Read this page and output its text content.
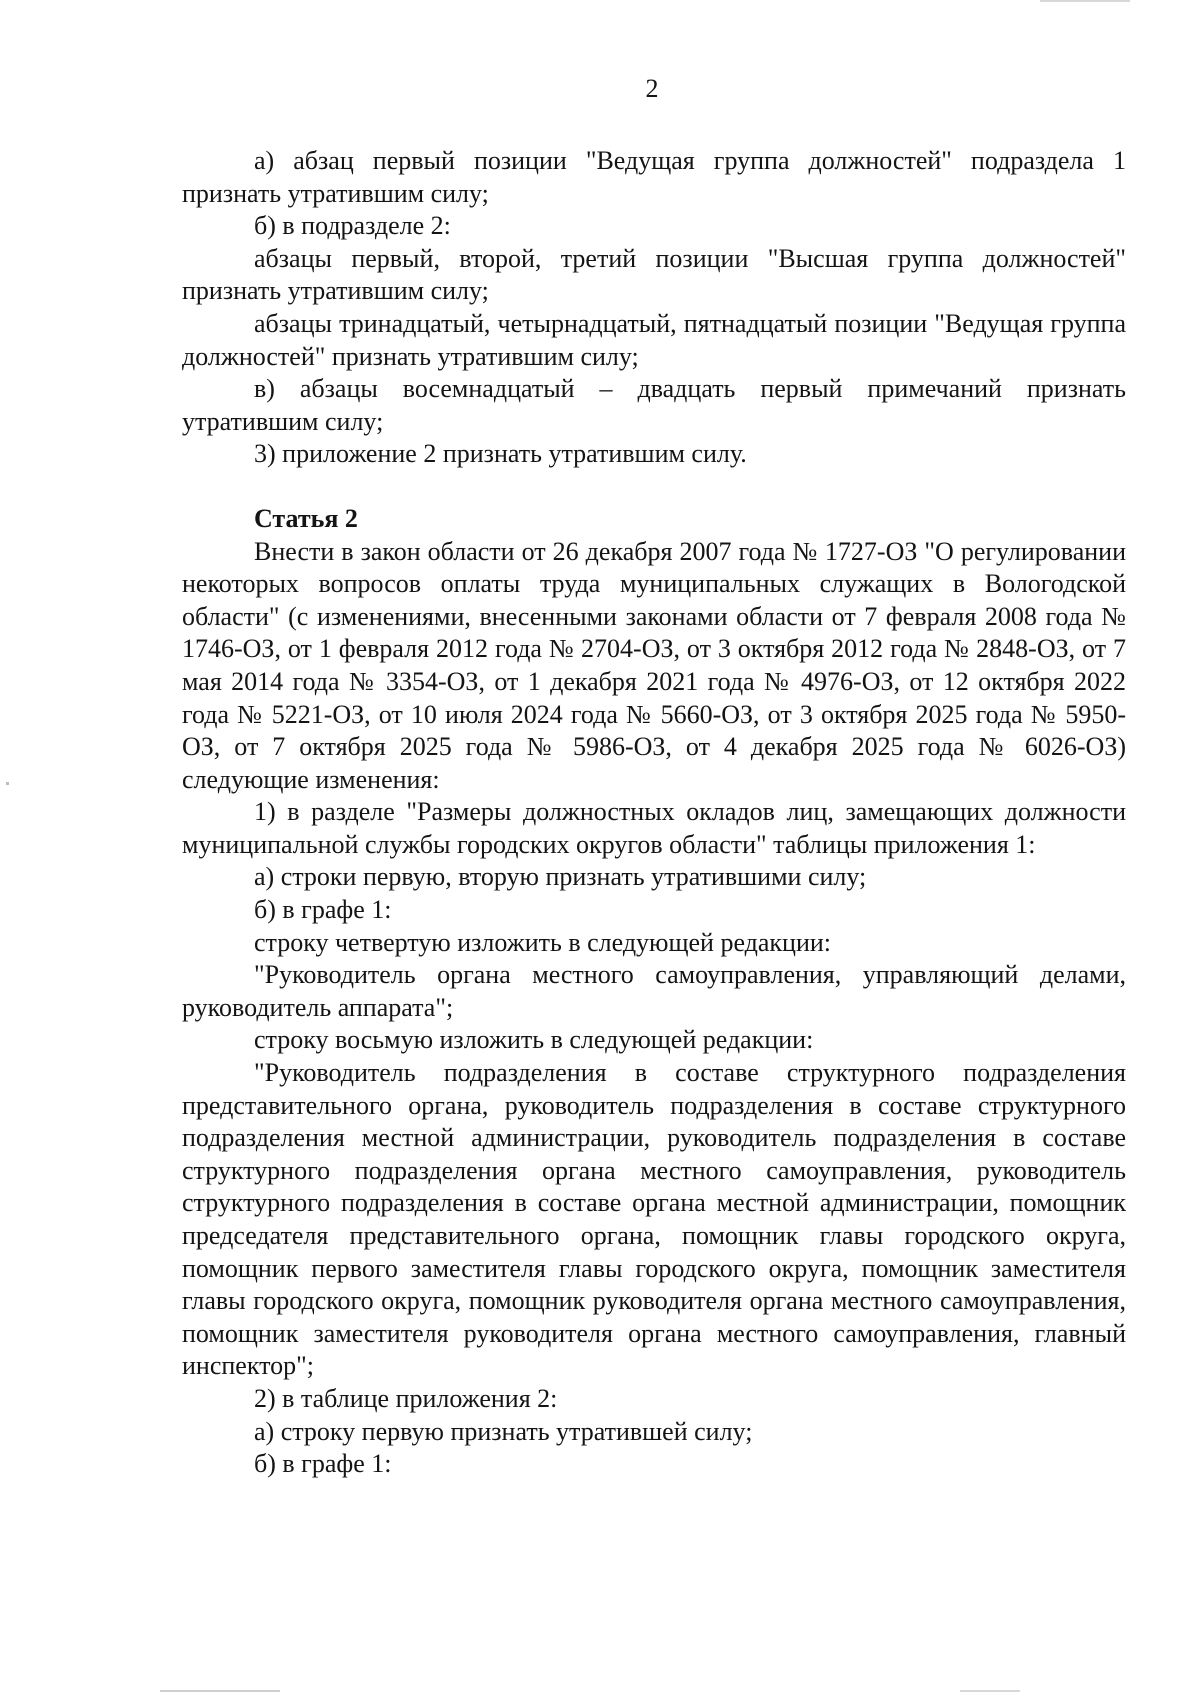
2

а) абзац первый позиции "Ведущая группа должностей" подраздела 1 признать утратившим силу;

б) в подразделе 2:

абзацы первый, второй, третий позиции "Высшая группа должностей" признать утратившим силу;

абзацы тринадцатый, четырнадцатый, пятнадцатый позиции "Ведущая группа должностей" признать утратившим силу;

в) абзацы восемнадцатый – двадцать первый примечаний признать утратившим силу;

3) приложение 2 признать утратившим силу.

Статья 2

Внести в закон области от 26 декабря 2007 года № 1727-ОЗ "О регулировании некоторых вопросов оплаты труда муниципальных служащих в Вологодской области" (с изменениями, внесенными законами области от 7 февраля 2008 года № 1746-ОЗ, от 1 февраля 2012 года № 2704-ОЗ, от 3 октября 2012 года № 2848-ОЗ, от 7 мая 2014 года № 3354-ОЗ, от 1 декабря 2021 года № 4976-ОЗ, от 12 октября 2022 года № 5221-ОЗ, от 10 июля 2024 года № 5660-ОЗ, от 3 октября 2025 года № 5950-ОЗ, от 7 октября 2025 года № 5986-ОЗ, от 4 декабря 2025 года № 6026-ОЗ) следующие изменения:

1) в разделе "Размеры должностных окладов лиц, замещающих должности муниципальной службы городских округов области" таблицы приложения 1:

а) строки первую, вторую признать утратившими силу;

б) в графе 1:

строку четвертую изложить в следующей редакции:

"Руководитель органа местного самоуправления, управляющий делами, руководитель аппарата";

строку восьмую изложить в следующей редакции:

"Руководитель подразделения в составе структурного подразделения представительного органа, руководитель подразделения в составе структурного подразделения местной администрации, руководитель подразделения в составе структурного подразделения органа местного самоуправления, руководитель структурного подразделения в составе органа местной администрации, помощник председателя представительного органа, помощник главы городского округа, помощник первого заместителя главы городского округа, помощник заместителя главы городского округа, помощник руководителя органа местного самоуправления, помощник заместителя руководителя органа местного самоуправления, главный инспектор";

2) в таблице приложения 2:

а) строку первую признать утратившей силу;

б) в графе 1:
